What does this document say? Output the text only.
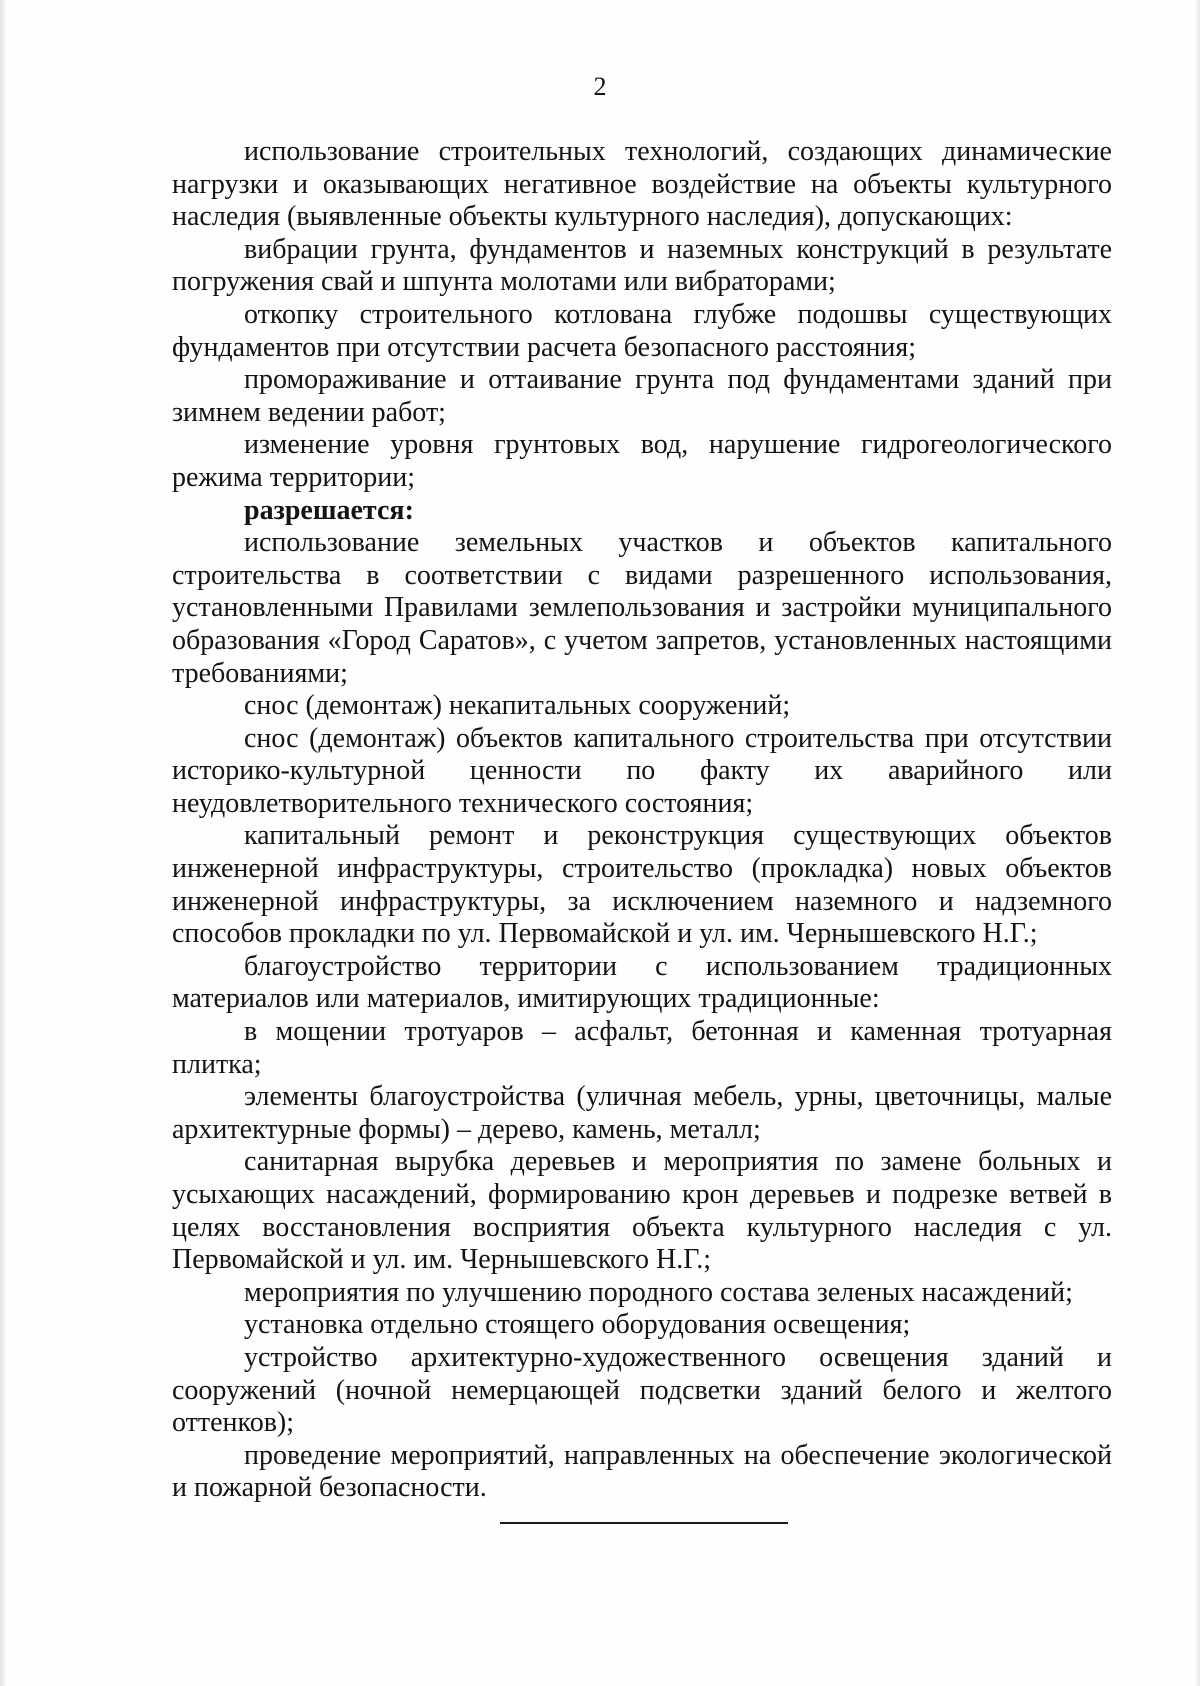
2

использование строительных технологий, создающих динамические нагрузки и оказывающих негативное воздействие на объекты культурного наследия (выявленные объекты культурного наследия), допускающих:

вибрации грунта, фундаментов и наземных конструкций в результате погружения свай и шпунта молотами или вибраторами;

откопку строительного котлована глубже подошвы существующих фундаментов при отсутствии расчета безопасного расстояния;

промораживание и оттаивание грунта под фундаментами зданий при зимнем ведении работ;

изменение уровня грунтовых вод, нарушение гидрогеологического режима территории;

разрешается:

использование земельных участков и объектов капитального строительства в соответствии с видами разрешенного использования, установленными Правилами землепользования и застройки муниципального образования «Город Саратов», с учетом запретов, установленных настоящими требованиями;

снос (демонтаж) некапитальных сооружений;

снос (демонтаж) объектов капитального строительства при отсутствии историко-культурной ценности по факту их аварийного или неудовлетворительного технического состояния;

капитальный ремонт и реконструкция существующих объектов инженерной инфраструктуры, строительство (прокладка) новых объектов инженерной инфраструктуры, за исключением наземного и надземного способов прокладки по ул. Первомайской и ул. им. Чернышевского Н.Г.;

благоустройство территории с использованием традиционных материалов или материалов, имитирующих традиционные:

в мощении тротуаров – асфальт, бетонная и каменная тротуарная плитка;

элементы благоустройства (уличная мебель, урны, цветочницы, малые архитектурные формы) – дерево, камень, металл;

санитарная вырубка деревьев и мероприятия по замене больных и усыхающих насаждений, формированию крон деревьев и подрезке ветвей в целях восстановления восприятия объекта культурного наследия с ул. Первомайской и ул. им. Чернышевского Н.Г.;

мероприятия по улучшению породного состава зеленых насаждений;

установка отдельно стоящего оборудования освещения;

устройство архитектурно-художественного освещения зданий и сооружений (ночной немерцающей подсветки зданий белого и желтого оттенков);

проведение мероприятий, направленных на обеспечение экологической и пожарной безопасности.
